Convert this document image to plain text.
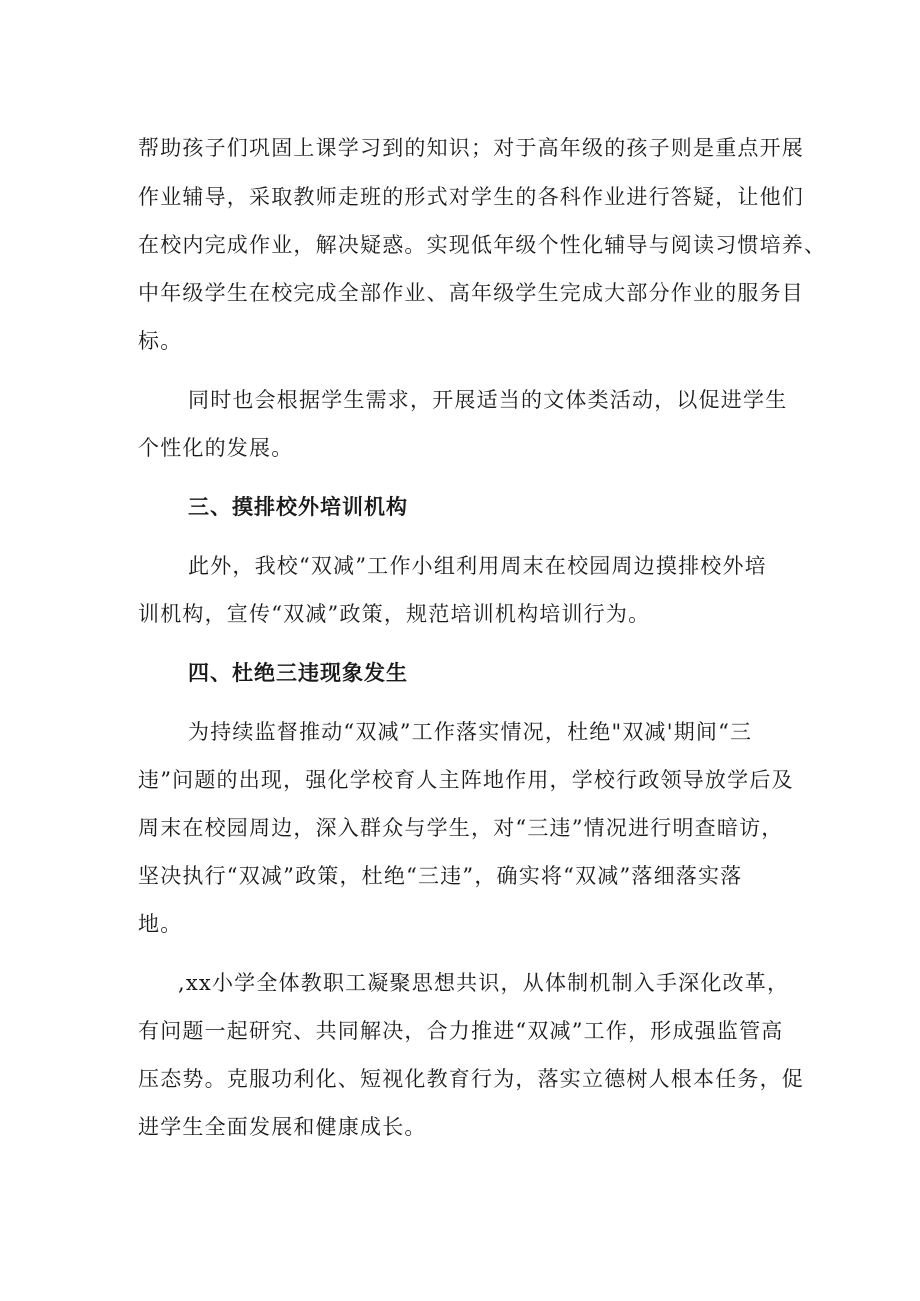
帮助孩子们巩固上课学习到的知识；对于高年级的孩子则是重点开展
作业辅导，采取教师走班的形式对学生的各科作业进行答疑，让他们
在校内完成作业，解决疑惑。实现低年级个性化辅导与阅读习惯培养、
中年级学生在校完成全部作业、高年级学生完成大部分作业的服务目
标。
同时也会根据学生需求，开展适当的文体类活动，以促进学生
个性化的发展。
三、摸排校外培训机构
此外，我校“双减”工作小组利用周末在校园周边摸排校外培
训机构，宣传“双减”政策，规范培训机构培训行为。
四、杜绝三违现象发生
为持续监督推动“双减”工作落实情况，杜绝"双减'期间“三
违”问题的出现，强化学校育人主阵地作用，学校行政领导放学后及
周末在校园周边，深入群众与学生，对“三违”情况进行明查暗访，
坚决执行“双减”政策，杜绝“三违”，确实将“双减”落细落实落
地。
,xx小学全体教职工凝聚思想共识，从体制机制入手深化改革，
有问题一起研究、共同解决，合力推进“双减”工作，形成强监管高
压态势。克服功利化、短视化教育行为，落实立德树人根本任务，促
进学生全面发展和健康成长。
